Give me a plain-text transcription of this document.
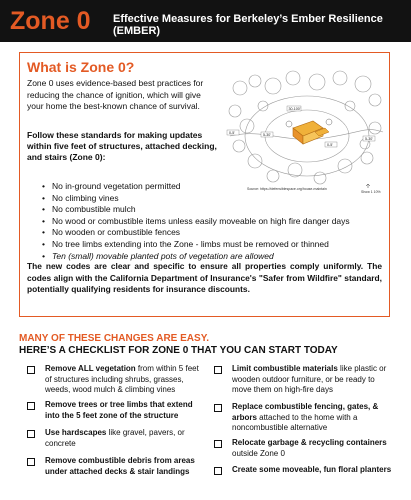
Zone 0 Effective Measures for Berkeley’s Ember Resilience (EMBER)
What is Zone 0?
Zone 0 uses evidence-based best practices for reducing the chance of ignition, which will give your home the best-known chance of survival.
0-5'	5-30'
30-100'
0-5'
5-30'
Source: https://defensiblespace.org/house-maintain
Show 1 10%
Follow these standards for making updates within five feet of structures, attached decking, and stairs (Zone 0):
• No in-ground vegetation permitted
• No climbing vines
• No combustible mulch
• No wood or combustible items unless easily moveable on high fire danger days
• No wooden or combustible fences
• No tree limbs extending into the Zone - limbs must be removed or thinned
• Ten (small) movable planted pots of vegetation are allowed
The new codes are clear and specific to ensure all properties comply uniformly. The codes align with the California Department of Insurance's "Safer from Wildfire" standard, potentially qualifying residents for insurance discounts.
MANY OF THESE CHANGES ARE EASY.
HERE’S A CHECKLIST FOR ZONE 0 THAT YOU CAN START TODAY
Remove ALL vegetation from within 5 feet of structures including shrubs, grasses, weeds, wood mulch & climbing vines
Remove trees or tree limbs that extend into the 5 feet zone of the structure
Use hardscapes like gravel, pavers, or concrete
Remove combustible debris from areas under attached decks & stair landings
Limit combustible materials like plastic or wooden outdoor furniture, or be ready to move them on high-fire days
Replace combustible fencing, gates, & arbors attached to the home with a noncombustible alternative
Relocate garbage & recycling containers outside Zone 0
Create some moveable, fun floral planters
